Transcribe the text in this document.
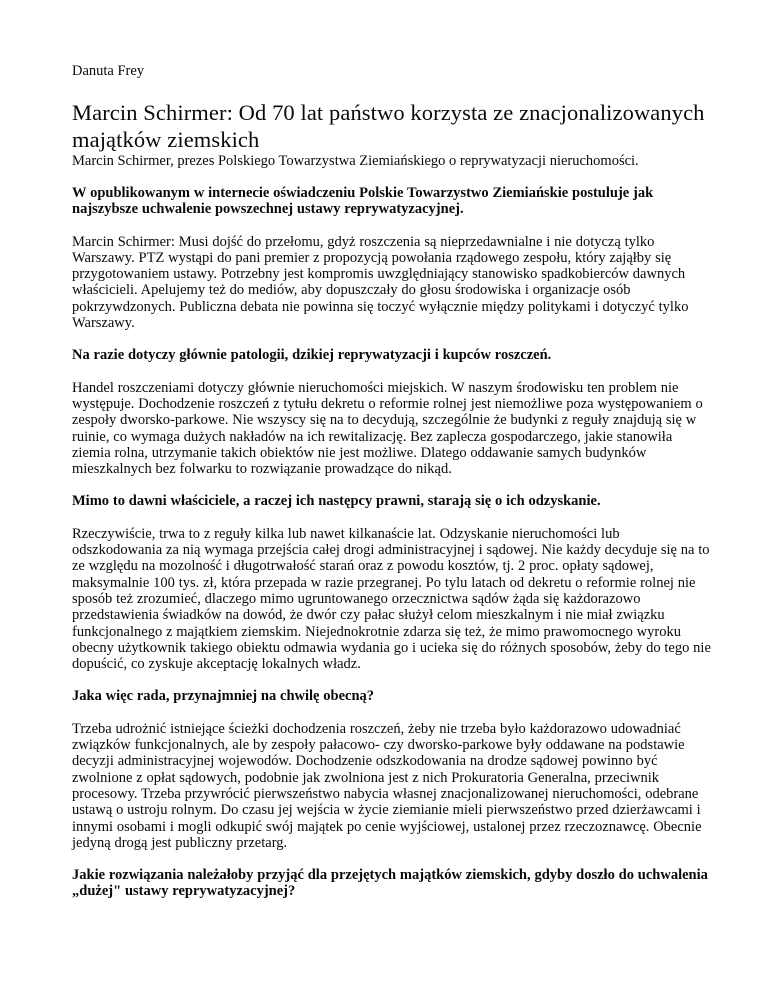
Danuta Frey

Marcin Schirmer: Od 70 lat państwo korzysta ze znacjonalizowanych majątków ziemskich

Marcin Schirmer, prezes Polskiego Towarzystwa Ziemiańskiego o reprywatyzacji nieruchomości.

W opublikowanym w internecie oświadczeniu Polskie Towarzystwo Ziemiańskie postuluje jak najszybsze uchwalenie powszechnej ustawy reprywatyzacyjnej.

Marcin Schirmer: Musi dojść do przełomu, gdyż roszczenia są nieprzedawnialne i nie dotyczą tylko Warszawy. PTZ wystąpi do pani premier z propozycją powołania rządowego zespołu, który zająłby się przygotowaniem ustawy. Potrzebny jest kompromis uwzględniający stanowisko spadkobierców dawnych właścicieli. Apelujemy też do mediów, aby dopuszczały do głosu środowiska i organizacje osób pokrzywdzonych. Publiczna debata nie powinna się toczyć wyłącznie między politykami i dotyczyć tylko Warszawy.

Na razie dotyczy głównie patologii, dzikiej reprywatyzacji i kupców roszczeń.

Handel roszczeniami dotyczy głównie nieruchomości miejskich. W naszym środowisku ten problem nie występuje. Dochodzenie roszczeń z tytułu dekretu o reformie rolnej jest niemożliwe poza występowaniem o zespoły dworsko-parkowe. Nie wszyscy się na to decydują, szczególnie że budynki z reguły znajdują się w ruinie, co wymaga dużych nakładów na ich rewitalizację. Bez zaplecza gospodarczego, jakie stanowiła ziemia rolna, utrzymanie takich obiektów nie jest możliwe. Dlatego oddawanie samych budynków mieszkalnych bez folwarku to rozwiązanie prowadzące do nikąd.

Mimo to dawni właściciele, a raczej ich następcy prawni, starają się o ich odzyskanie.

Rzeczywiście, trwa to z reguły kilka lub nawet kilkanaście lat. Odzyskanie nieruchomości lub odszkodowania za nią wymaga przejścia całej drogi administracyjnej i sądowej. Nie każdy decyduje się na to ze względu na mozolność i długotrwałość starań oraz z powodu kosztów, tj. 2 proc. opłaty sądowej, maksymalnie 100 tys. zł, która przepada w razie przegranej. Po tylu latach od dekretu o reformie rolnej nie sposób też zrozumieć, dlaczego mimo ugruntowanego orzecznictwa sądów żąda się każdorazowo przedstawienia świadków na dowód, że dwór czy pałac służył celom mieszkalnym i nie miał związku funkcjonalnego z majątkiem ziemskim. Niejednokrotnie zdarza się też, że mimo prawomocnego wyroku obecny użytkownik takiego obiektu odmawia wydania go i ucieka się do różnych sposobów, żeby do tego nie dopuścić, co zyskuje akceptację lokalnych władz.

Jaka więc rada, przynajmniej na chwilę obecną?

Trzeba udrożnić istniejące ścieżki dochodzenia roszczeń, żeby nie trzeba było każdorazowo udowadniać związków funkcjonalnych, ale by zespoły pałacowo- czy dworsko-parkowe były oddawane na podstawie decyzji administracyjnej wojewodów. Dochodzenie odszkodowania na drodze sądowej powinno być zwolnione z opłat sądowych, podobnie jak zwolniona jest z nich Prokuratoria Generalna, przeciwnik procesowy. Trzeba przywrócić pierwszeństwo nabycia własnej znacjonalizowanej nieruchomości, odebrane ustawą o ustroju rolnym. Do czasu jej wejścia w życie ziemianie mieli pierwszeństwo przed dzierżawcami i innymi osobami i mogli odkupić swój majątek po cenie wyjściowej, ustalonej przez rzeczoznawcę. Obecnie jedyną drogą jest publiczny przetarg.

Jakie rozwiązania należałoby przyjąć dla przejętych majątków ziemskich, gdyby doszło do uchwalenia „dużej" ustawy reprywatyzacyjnej?
